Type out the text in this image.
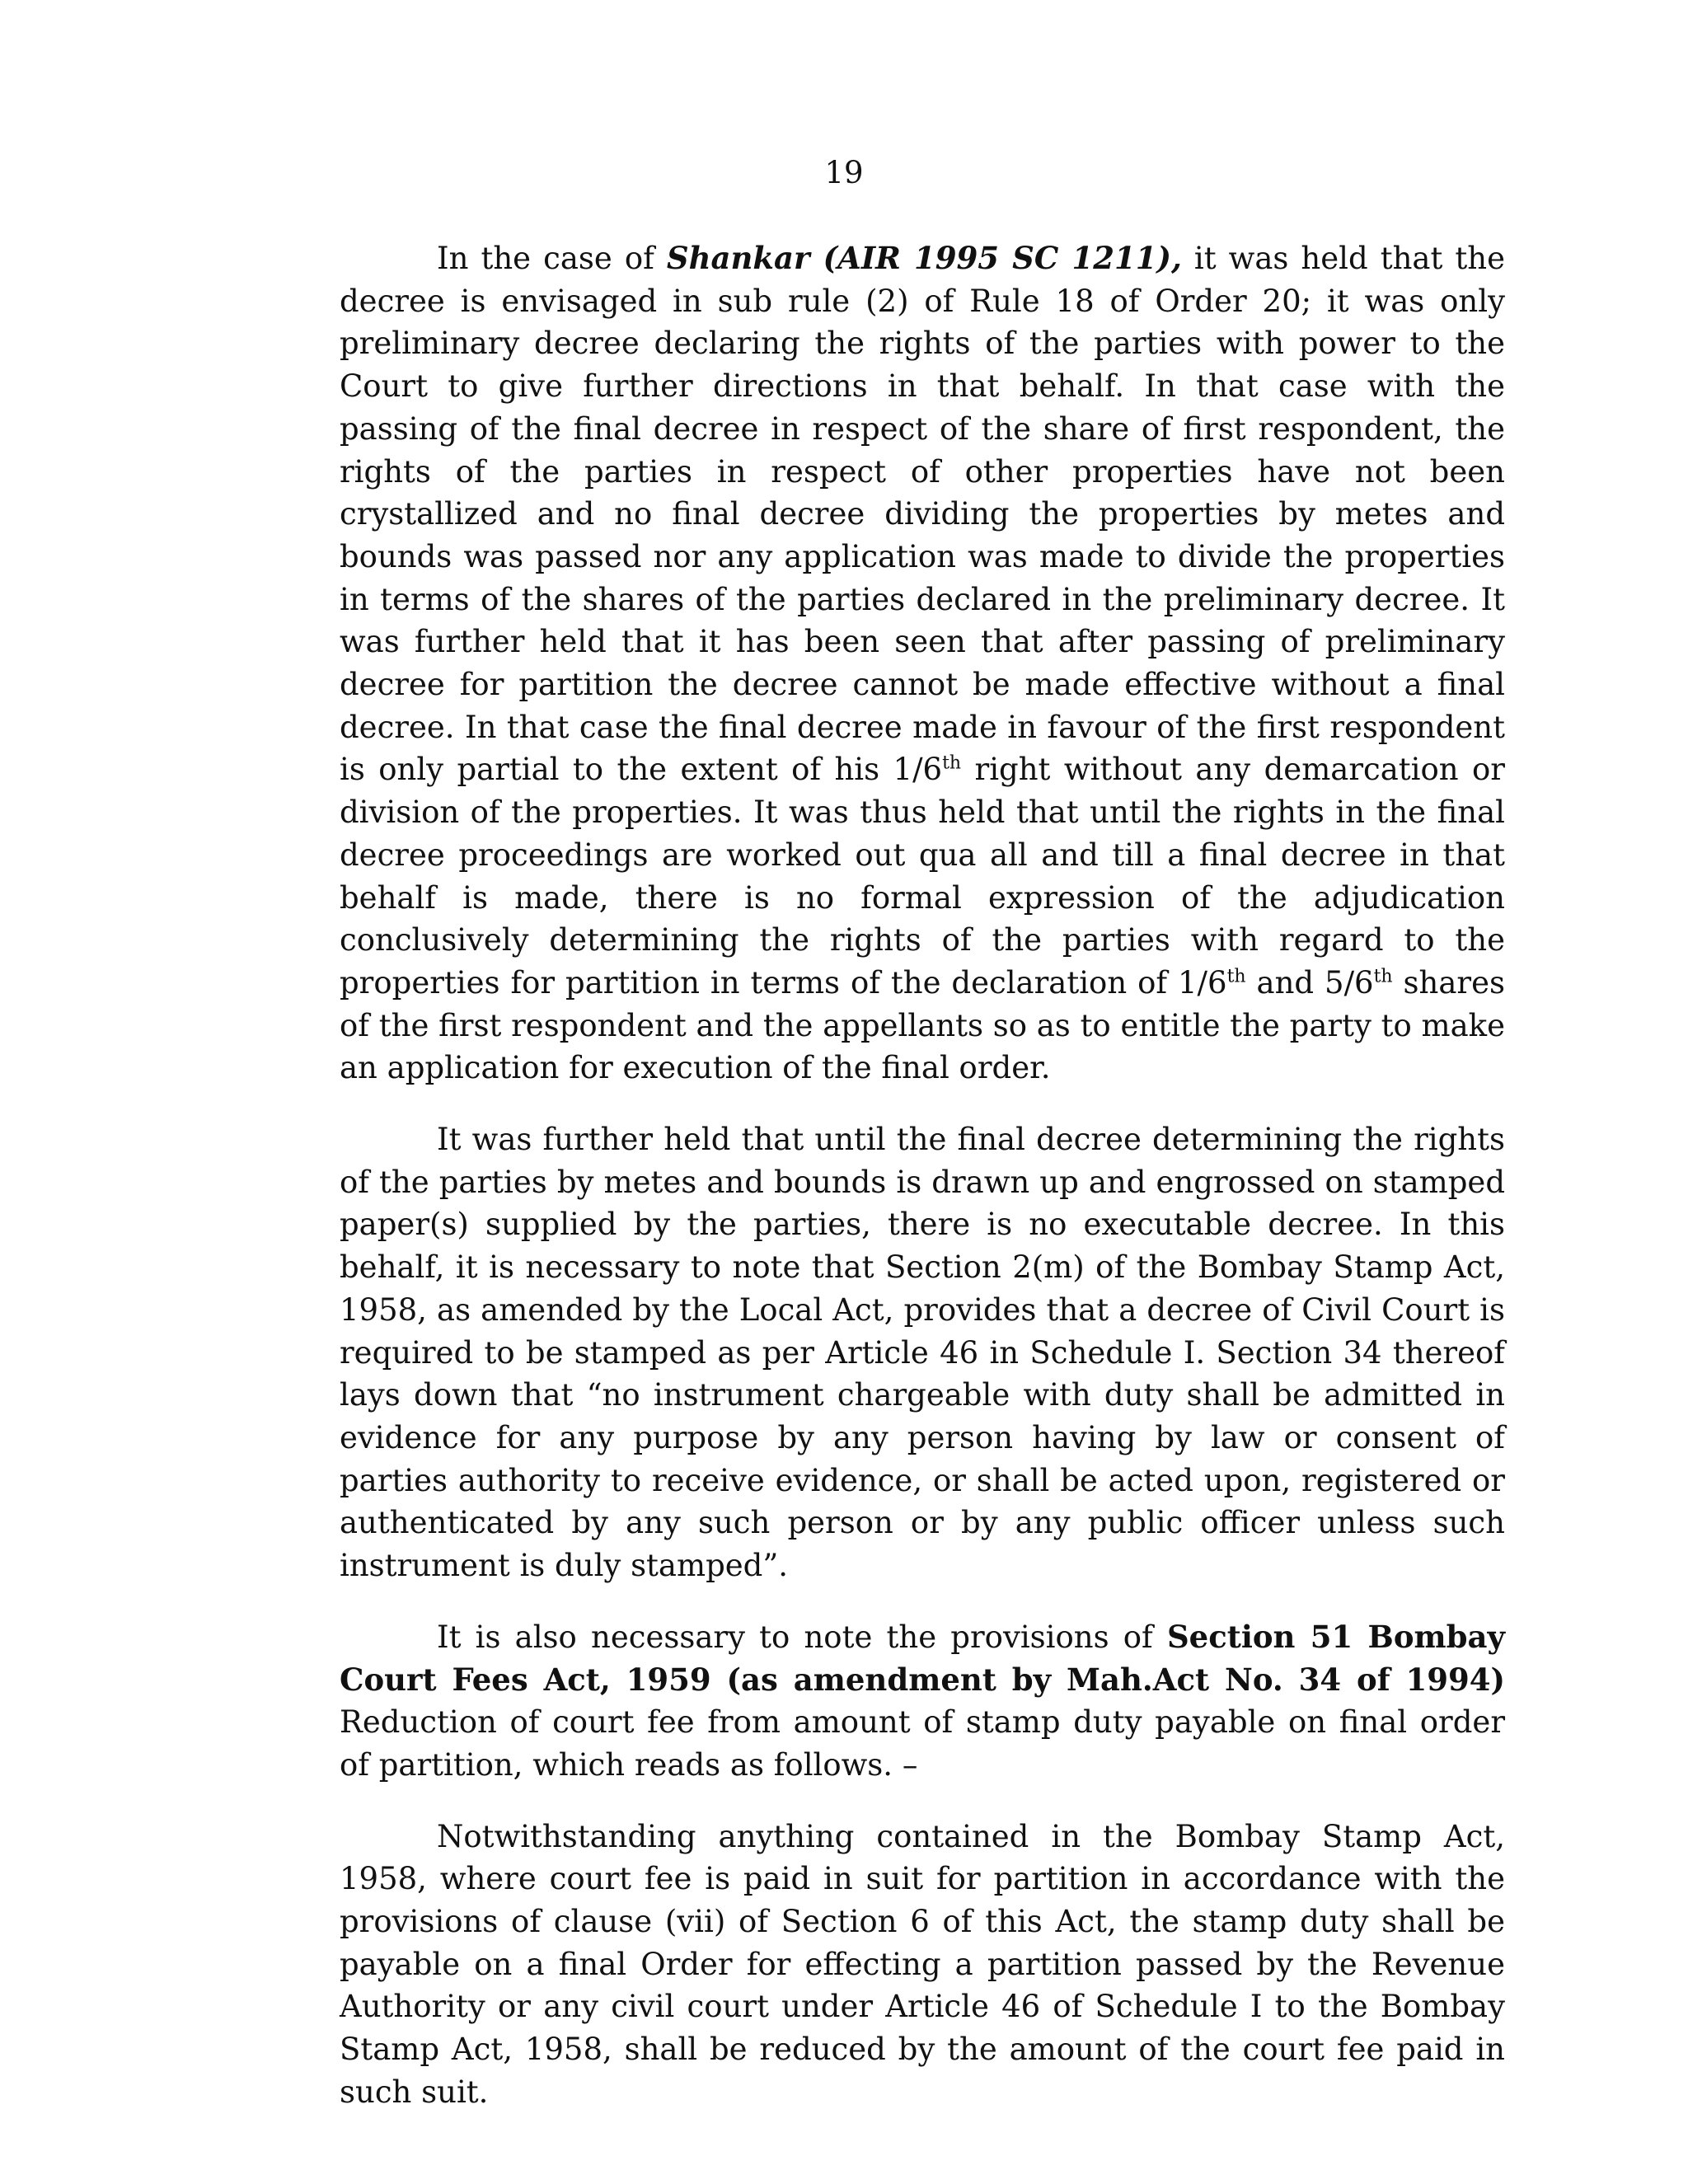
19

In the case of Shankar (AIR 1995 SC 1211), it was held that the decree is envisaged in sub rule (2) of Rule 18 of Order 20; it was only preliminary decree declaring the rights of the parties with power to the Court to give further directions in that behalf. In that case with the passing of the final decree in respect of the share of first respondent, the rights of the parties in respect of other properties have not been crystallized and no final decree dividing the properties by metes and bounds was passed nor any application was made to divide the properties in terms of the shares of the parties declared in the preliminary decree. It was further held that it has been seen that after passing of preliminary decree for partition the decree cannot be made effective without a final decree. In that case the final decree made in favour of the first respondent is only partial to the extent of his 1/6th right without any demarcation or division of the properties. It was thus held that until the rights in the final decree proceedings are worked out qua all and till a final decree in that behalf is made, there is no formal expression of the adjudication conclusively determining the rights of the parties with regard to the properties for partition in terms of the declaration of 1/6th and 5/6th shares of the first respondent and the appellants so as to entitle the party to make an application for execution of the final order.

It was further held that until the final decree determining the rights of the parties by metes and bounds is drawn up and engrossed on stamped paper(s) supplied by the parties, there is no executable decree. In this behalf, it is necessary to note that Section 2(m) of the Bombay Stamp Act, 1958, as amended by the Local Act, provides that a decree of Civil Court is required to be stamped as per Article 46 in Schedule I. Section 34 thereof lays down that “no instrument chargeable with duty shall be admitted in evidence for any purpose by any person having by law or consent of parties authority to receive evidence, or shall be acted upon, registered or authenticated by any such person or by any public officer unless such instrument is duly stamped”.

It is also necessary to note the provisions of Section 51 Bombay Court Fees Act, 1959 (as amendment by Mah.Act No. 34 of 1994) Reduction of court fee from amount of stamp duty payable on final order of partition, which reads as follows. –

Notwithstanding anything contained in the Bombay Stamp Act, 1958, where court fee is paid in suit for partition in accordance with the provisions of clause (vii) of Section 6 of this Act, the stamp duty shall be payable on a final Order for effecting a partition passed by the Revenue Authority or any civil court under Article 46 of Schedule I to the Bombay Stamp Act, 1958, shall be reduced by the amount of the court fee paid in such suit.
